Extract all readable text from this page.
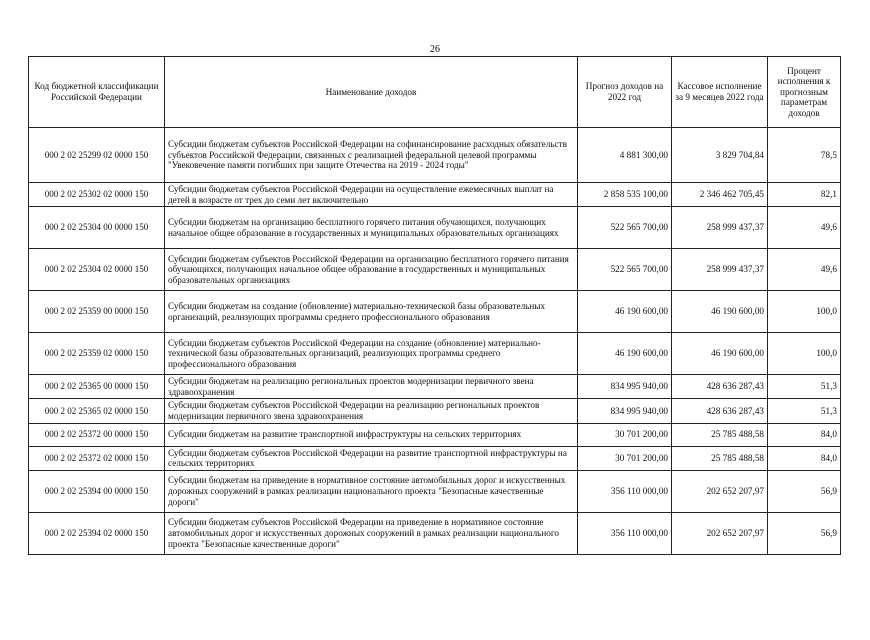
26
Код бюджетной классификации Российской Федерации	Наименование доходов	Прогноз доходов на 2022 год	Кассовое исполнение за 9 месяцев 2022 года	Процент исполнения к прогнозным параметрам доходов
000 2 02 25299 02 0000 150	Субсидии бюджетам субъектов Российской Федерации на софинансирование расходных обязательств субъектов Российской Федерации, связанных с реализацией федеральной целевой программы "Увековечение памяти погибших при защите Отечества на 2019 - 2024 годы"	4 881 300,00	3 829 704,84	78,5
000 2 02 25302 02 0000 150	Субсидии бюджетам субъектов Российской Федерации на осуществление ежемесячных выплат на детей в возрасте от трех до семи лет включительно	2 858 535 100,00	2 346 462 705,45	82,1
000 2 02 25304 00 0000 150	Субсидии бюджетам на организацию бесплатного горячего питания обучающихся, получающих начальное общее образование в государственных и муниципальных образовательных организациях	522 565 700,00	258 999 437,37	49,6
000 2 02 25304 02 0000 150	Субсидии бюджетам субъектов Российской Федерации на организацию бесплатного горячего питания обучающихся, получающих начальное общее образование в государственных и муниципальных образовательных организациях	522 565 700,00	258 999 437,37	49,6
000 2 02 25359 00 0000 150	Субсидии бюджетам на создание (обновление) материально-технической базы образовательных организаций, реализующих программы среднего профессионального образования	46 190 600,00	46 190 600,00	100,0
000 2 02 25359 02 0000 150	Субсидии бюджетам субъектов Российской Федерации на создание (обновление) материально-технической базы образовательных организаций, реализующих программы среднего профессионального образования	46 190 600,00	46 190 600,00	100,0
000 2 02 25365 00 0000 150	Субсидии бюджетам на реализацию региональных проектов модернизации первичного звена здравоохранения	834 995 940,00	428 636 287,43	51,3
000 2 02 25365 02 0000 150	Субсидии бюджетам субъектов Российской Федерации на реализацию региональных проектов модернизации первичного звена здравоохранения	834 995 940,00	428 636 287,43	51,3
000 2 02 25372 00 0000 150	Субсидии бюджетам на развитие транспортной инфраструктуры на сельских территориях	30 701 200,00	25 785 488,58	84,0
000 2 02 25372 02 0000 150	Субсидии бюджетам субъектов Российской Федерации на развитие транспортной инфраструктуры на сельских территориях	30 701 200,00	25 785 488,58	84,0
000 2 02 25394 00 0000 150	Субсидии бюджетам на приведение в нормативное состояние автомобильных дорог и искусственных дорожных сооружений в рамках реализации национального проекта "Безопасные качественные дороги"	356 110 000,00	202 652 207,97	56,9
000 2 02 25394 02 0000 150	Субсидии бюджетам субъектов Российской Федерации на приведение в нормативное состояние автомобильных дорог и искусственных дорожных сооружений в рамках реализации национального проекта "Безопасные качественные дороги"	356 110 000,00	202 652 207,97	56,9
